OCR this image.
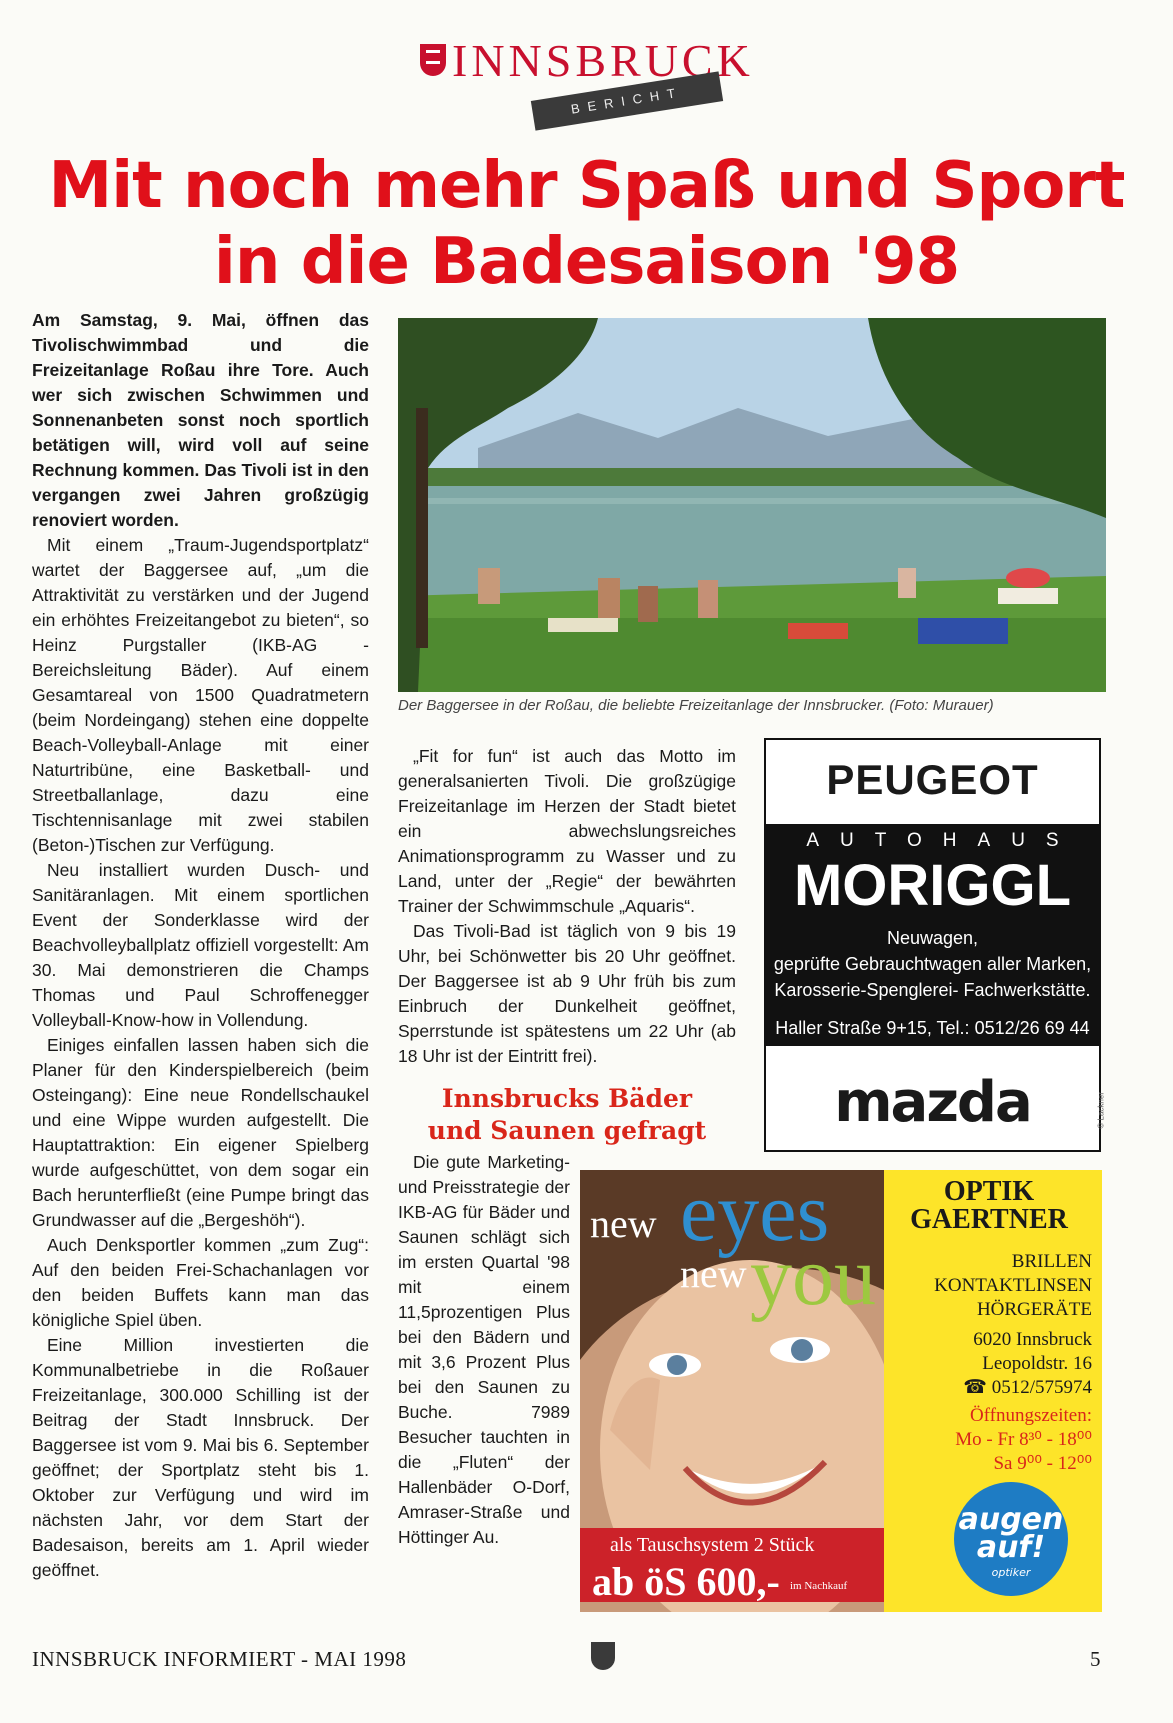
INNSBRUCK
BERICHT
Mit noch mehr Spaß und Sport
in die Badesaison '98

Am Samstag, 9. Mai, öffnen das Tivolischwimmbad und die Freizeitanlage Roßau ihre Tore. Auch wer sich zwischen Schwimmen und Sonnenanbeten sonst noch sportlich betätigen will, wird voll auf seine Rechnung kommen. Das Tivoli ist in den vergangen zwei Jahren großzügig renoviert worden.

Mit einem „Traum-Jugendsportplatz“ wartet der Baggersee auf, „um die Attraktivität zu verstärken und der Jugend ein erhöhtes Freizeitangebot zu bieten“, so Heinz Purgstaller (IKB-AG - Bereichsleitung Bäder). Auf einem Gesamtareal von 1500 Quadratmetern (beim Nordeingang) stehen eine doppelte Beach-Volleyball-Anlage mit einer Naturtribüne, eine Basketball- und Streetballanlage, dazu eine Tischtennisanlage mit zwei stabilen (Beton-)Tischen zur Verfügung.

Neu installiert wurden Dusch- und Sanitäranlagen. Mit einem sportlichen Event der Sonderklasse wird der Beachvolleyballplatz offiziell vorgestellt: Am 30. Mai demonstrieren die Champs Thomas und Paul Schroffenegger Volleyball-Know-how in Vollendung.

Einiges einfallen lassen haben sich die Planer für den Kinderspielbereich (beim Osteingang): Eine neue Rondellschaukel und eine Wippe wurden aufgestellt. Die Hauptattraktion: Ein eigener Spielberg wurde aufgeschüttet, von dem sogar ein Bach herunterfließt (eine Pumpe bringt das Grundwasser auf die „Bergeshöh“).

Auch Denksportler kommen „zum Zug“: Auf den beiden Frei-Schachanlagen vor den beiden Buffets kann man das königliche Spiel üben.

Eine Million investierten die Kommunalbetriebe in die Roßauer Freizeitanlage, 300.000 Schilling ist der Beitrag der Stadt Innsbruck. Der Baggersee ist vom 9. Mai bis 6. September geöffnet; der Sportplatz steht bis 1. Oktober zur Verfügung und wird im nächsten Jahr, vor dem Start der Badesaison, bereits am 1. April wieder geöffnet.

Der Baggersee in der Roßau, die beliebte Freizeitanlage der Innsbrucker. (Foto: Murauer)

„Fit for fun“ ist auch das Motto im generalsanierten Tivoli. Die großzügige Freizeitanlage im Herzen der Stadt bietet ein abwechslungsreiches Animationsprogramm zu Wasser und zu Land, unter der „Regie“ der bewährten Trainer der Schwimmschule „Aquaris“.

Das Tivoli-Bad ist täglich von 9 bis 19 Uhr, bei Schönwetter bis 20 Uhr geöffnet. Der Baggersee ist ab 9 Uhr früh bis zum Einbruch der Dunkelheit geöffnet, Sperrstunde ist spätestens um 22 Uhr (ab 18 Uhr ist der Eintritt frei).

Innsbrucks Bäder
und Saunen gefragt

Die gute Marketing- und Preisstrategie der IKB-AG für Bäder und Saunen schlägt sich im ersten Quartal '98 mit einem 11,5prozentigen Plus bei den Bädern und mit 3,6 Prozent Plus bei den Saunen zu Buche. 7989 Besucher tauchten in die „Fluten“ der Hallenbäder O-Dorf, Amraser-Straße und Höttinger Au.

PEUGEOT
AUTOHAUS
MORIGGL
Neuwagen,
geprüfte Gebrauchtwagen aller Marken,
Karosserie-Spenglerei- Fachwerkstätte.
Haller Straße 9+15, Tel.: 0512/26 69 44
mazda	© Lackner
eyes
new
you
new
als Tauschsystem 2 Stück
ab öS 600,- im Nachkauf
OPTIK
GAERTNER
BRILLEN
KONTAKTLINSEN
HÖRGERÄTE
6020 Innsbruck
Leopoldstr. 16
☎ 0512/575974
Öffnungszeiten:
Mo - Fr 8³⁰ - 18⁰⁰
Sa 9⁰⁰ - 12⁰⁰
augen
auf!
optiker
INNSBRUCK INFORMIERT - MAI 1998	5
